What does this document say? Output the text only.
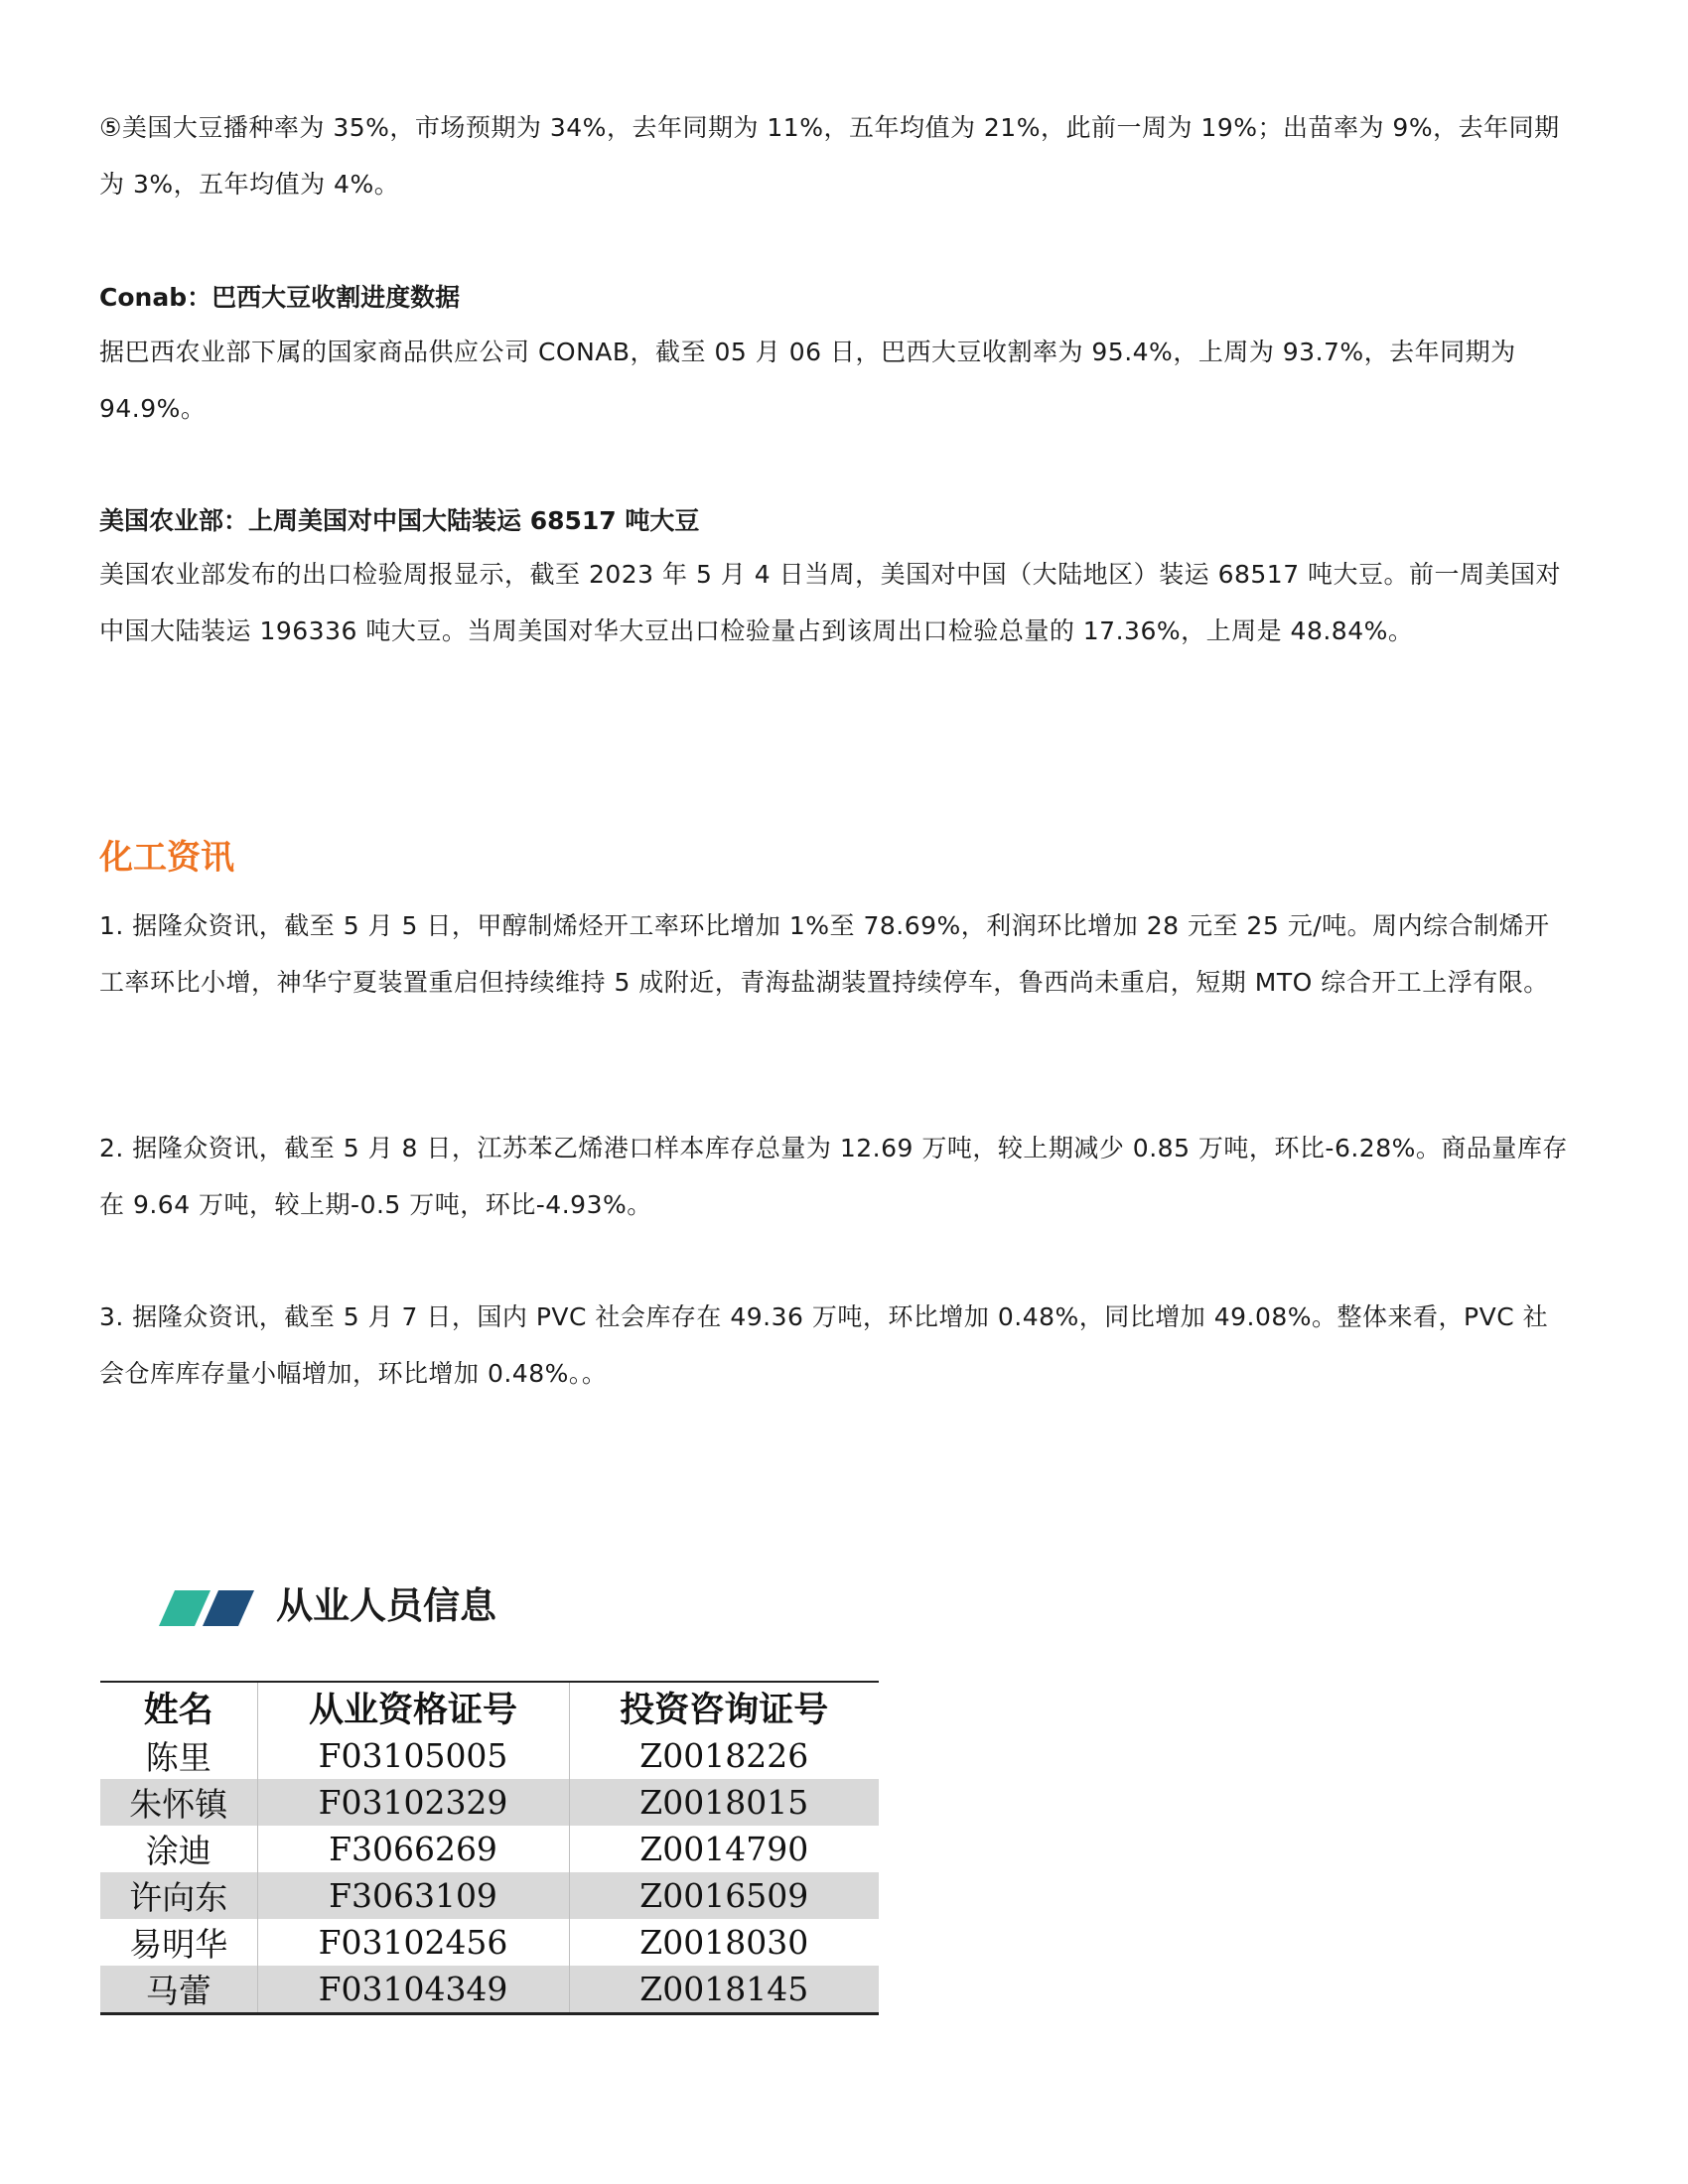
⑤美国大豆播种率为 35%，市场预期为 34%，去年同期为 11%，五年均值为 21%，此前一周为 19%；出苗率为 9%，去年同期为 3%，五年均值为 4%。

Conab：巴西大豆收割进度数据

据巴西农业部下属的国家商品供应公司 CONAB，截至 05 月 06 日，巴西大豆收割率为 95.4%，上周为 93.7%，去年同期为 94.9%。

美国农业部：上周美国对中国大陆装运 68517 吨大豆

美国农业部发布的出口检验周报显示，截至 2023 年 5 月 4 日当周，美国对中国（大陆地区）装运 68517 吨大豆。前一周美国对中国大陆装运 196336 吨大豆。当周美国对华大豆出口检验量占到该周出口检验总量的 17.36%，上周是 48.84%。

化工资讯

1. 据隆众资讯，截至 5 月 5 日，甲醇制烯烃开工率环比增加 1%至 78.69%，利润环比增加 28 元至 25 元/吨。周内综合制烯开工率环比小增，神华宁夏装置重启但持续维持 5 成附近，青海盐湖装置持续停车，鲁西尚未重启，短期 MTO 综合开工上浮有限。

2. 据隆众资讯，截至 5 月 8 日，江苏苯乙烯港口样本库存总量为 12.69 万吨，较上期减少 0.85 万吨，环比-6.28%。商品量库存在 9.64 万吨，较上期-0.5 万吨，环比-4.93%。

3. 据隆众资讯，截至 5 月 7 日，国内 PVC 社会库存在 49.36 万吨，环比增加 0.48%，同比增加 49.08%。整体来看，PVC 社会仓库库存量小幅增加，环比增加 0.48%。。

从业人员信息
姓名	从业资格证号	投资咨询证号
陈里	F03105005	Z0018226
朱怀镇	F03102329	Z0018015
涂迪	F3066269	Z0014790
许向东	F3063109	Z0016509
易明华	F03102456	Z0018030
马蕾	F03104349	Z0018145
